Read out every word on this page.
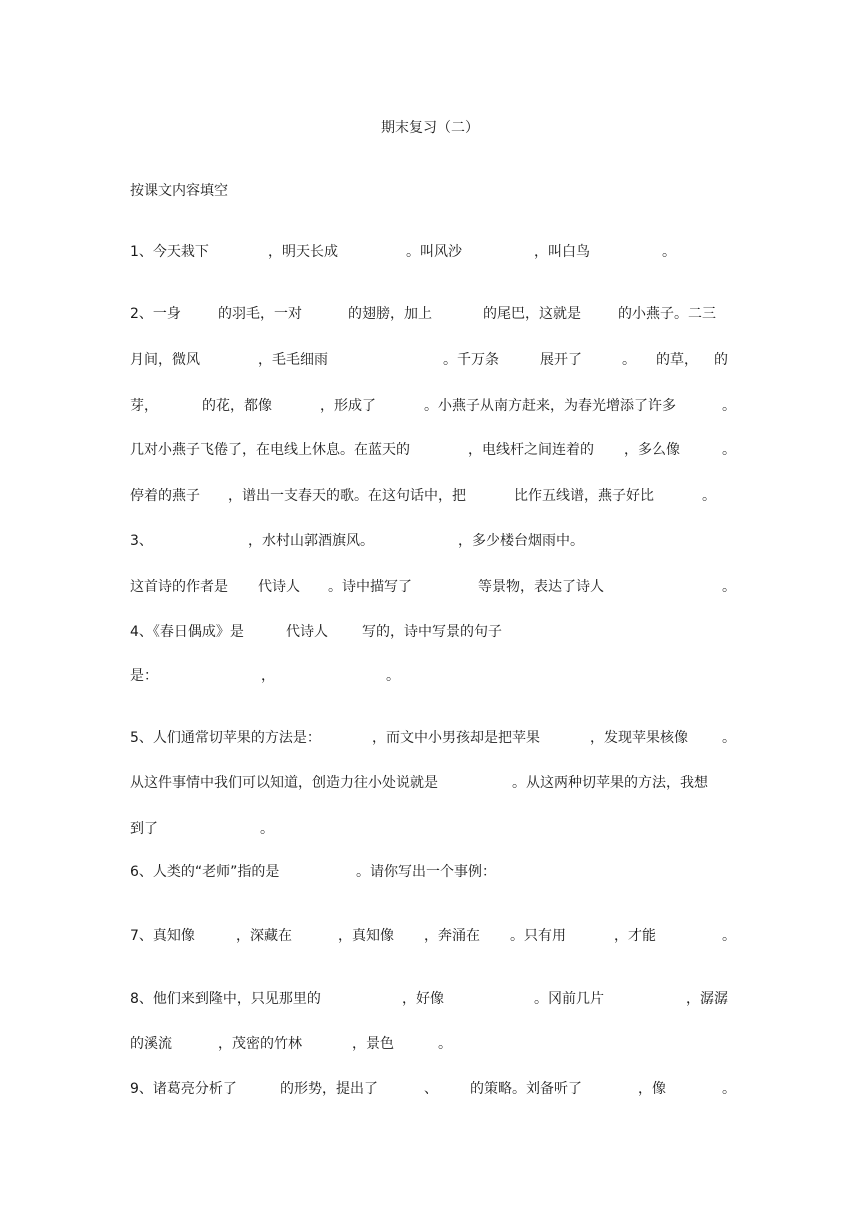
期末复习（二）
按课文内容填空
1、今天栽下	，明天长成	。叫风沙	，叫白鸟	。
2、一身	的羽毛，一对	的翅膀，加上	的尾巴，这就是	的小燕子。二三
月间，微风	，毛毛细雨	。千万条	展开了	。 的草， 的
芽，	的花，都像	，形成了	。小燕子从南方赶来，为春光增添了许多	。
几对小燕子飞倦了，在电线上休息。在蓝天的	，电线杆之间连着的 ，多么像	。
停着的燕子 ，谱出一支春天的歌。在这句话中，把	比作五线谱，燕子好比	。
3、	，水村山郭酒旗风。	，多少楼台烟雨中。
这首诗的作者是 代诗人 。诗中描写了	等景物，表达了诗人	。
4、《春日偶成》是	代诗人 写的，诗中写景的句子
是：	，	。
5、人们通常切苹果的方法是：	，而文中小男孩却是把苹果	，发现苹果核像 。
从这件事情中我们可以知道，创造力往小处说就是	。从这两种切苹果的方法，我想
到了	。
6、人类的“老师”指的是	。请你写出一个事例：
7、真知像	，深藏在	，真知像 ，奔涌在 。只有用	，才能	。
8、他们来到隆中，只见那里的	，好像	。冈前几片	，潺潺
的溪流	，茂密的竹林	，景色	。
9、诸葛亮分析了	的形势，提出了	、 的策略。刘备听了	，像	。
